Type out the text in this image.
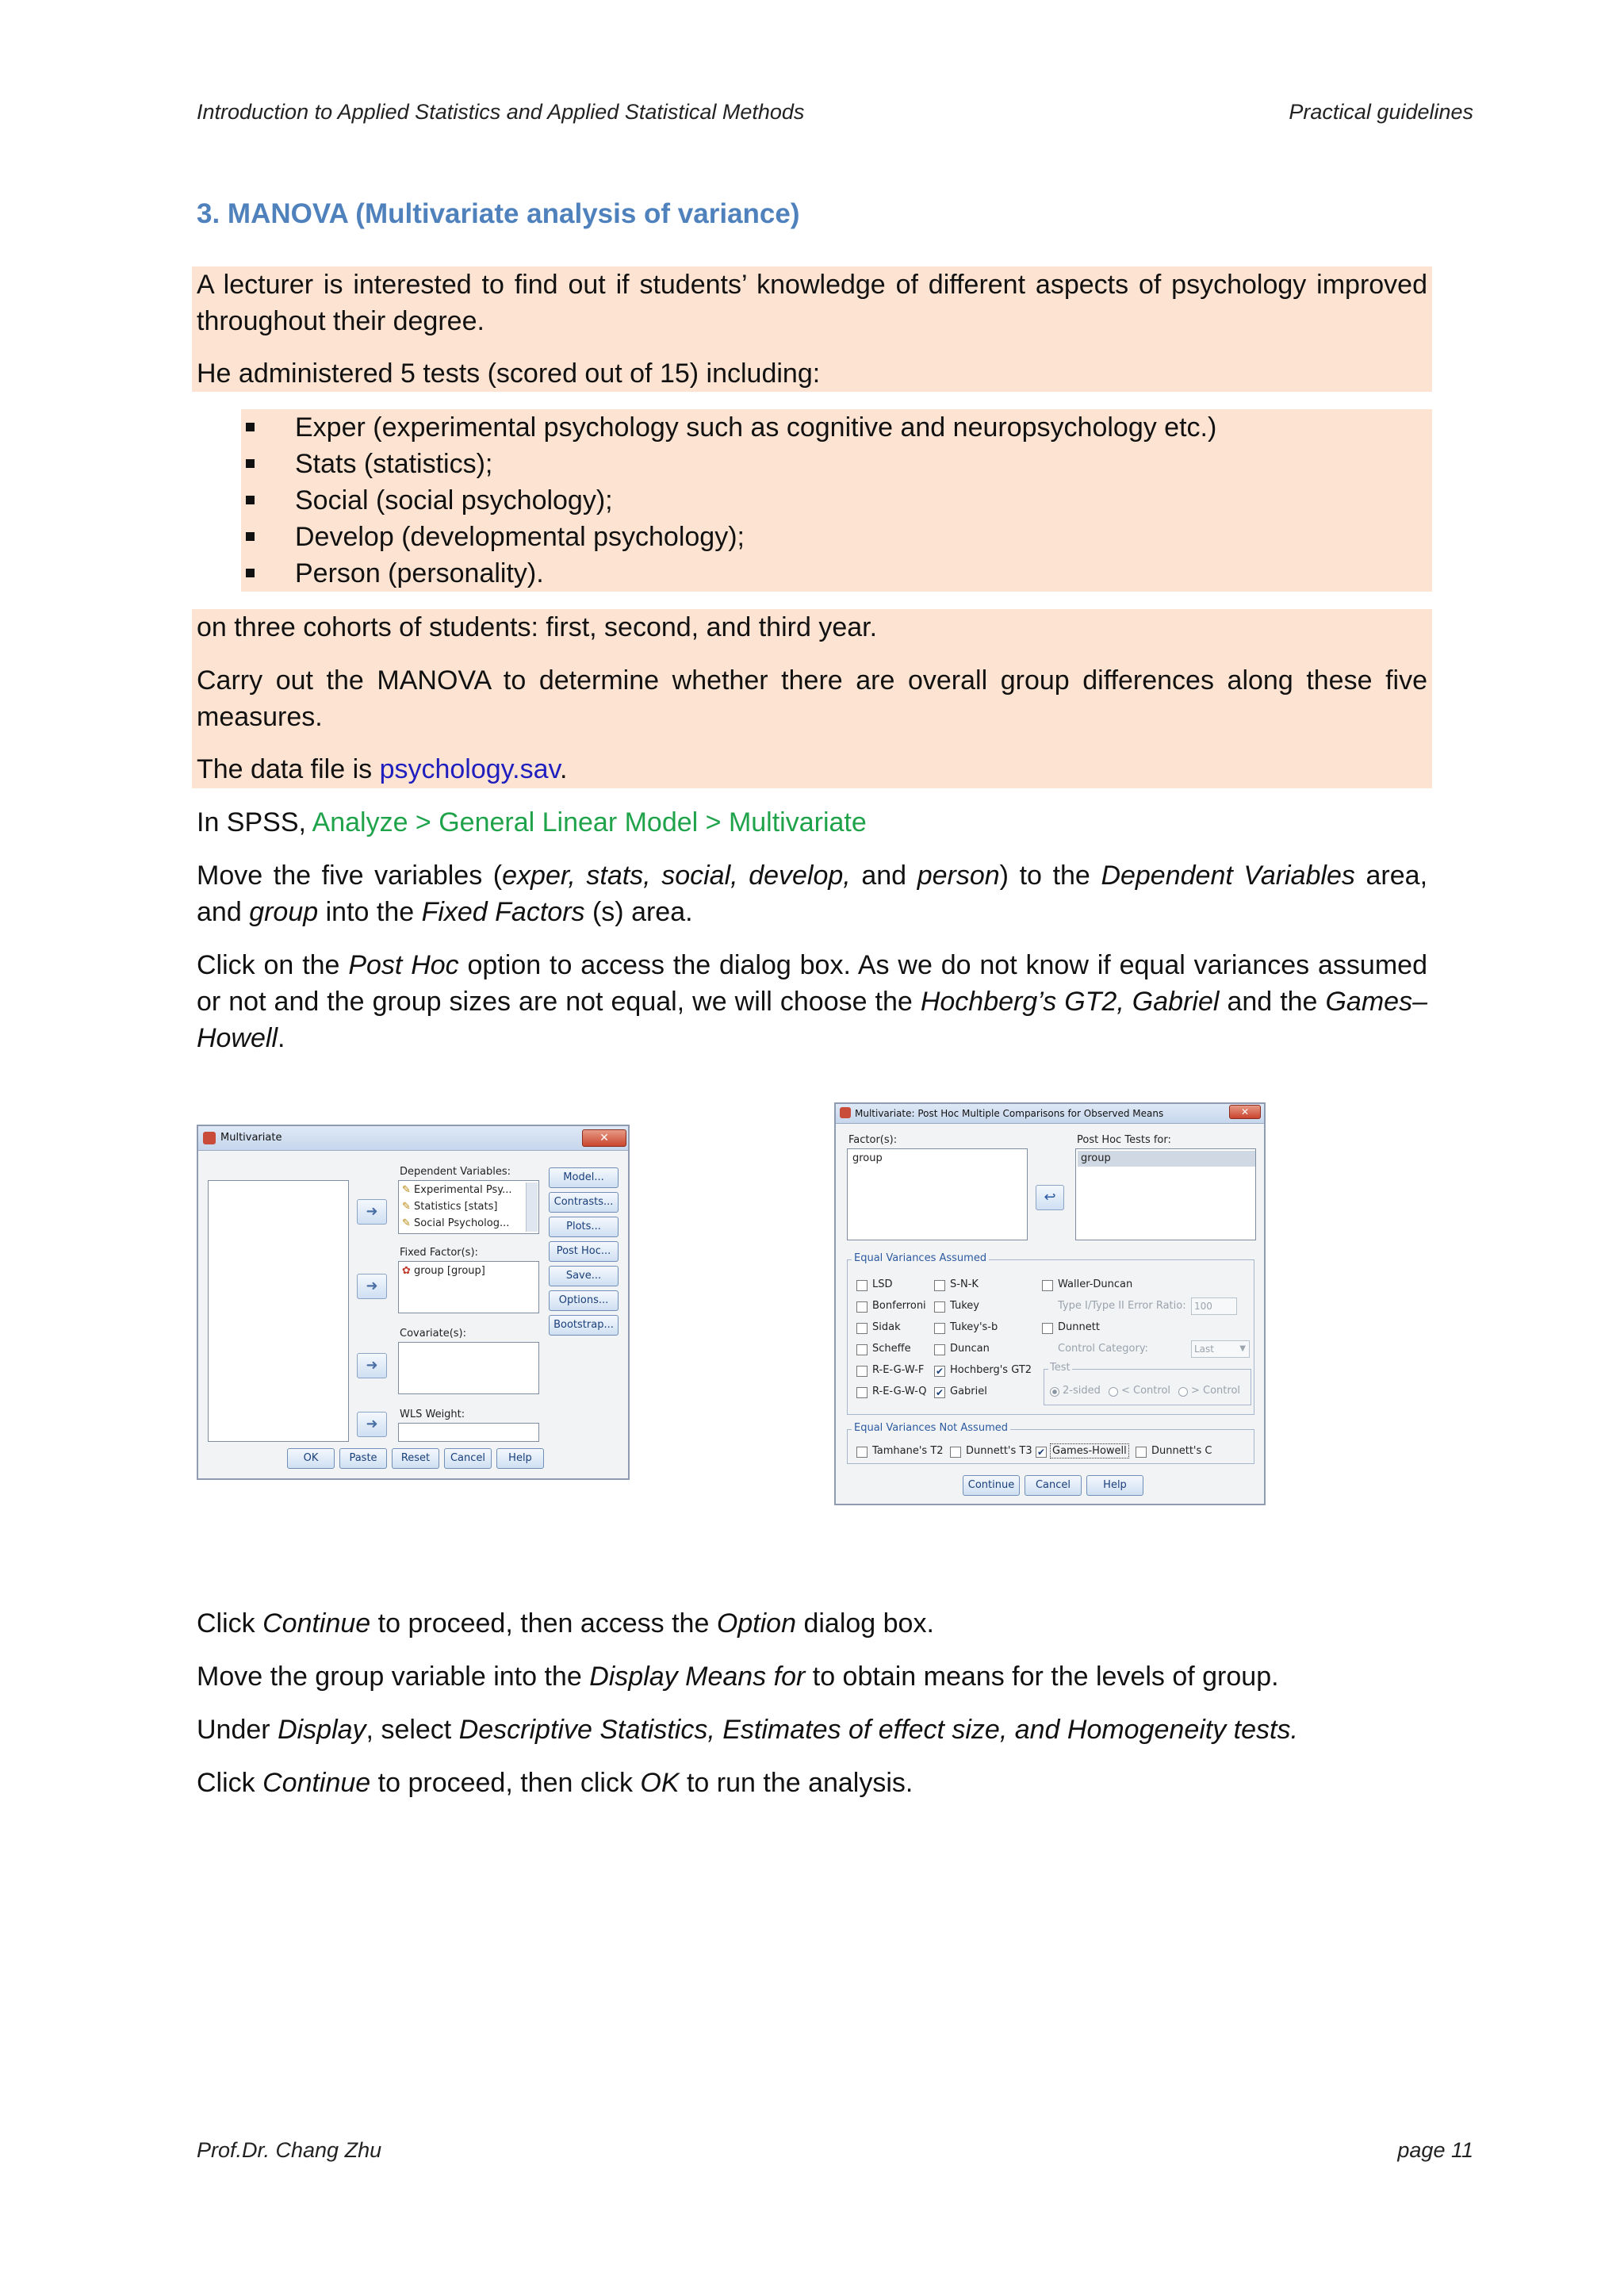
Introduction to Applied Statistics and Applied Statistical Methods	Practical guidelines
3. MANOVA (Multivariate analysis of variance)
A lecturer is interested to find out if students’ knowledge of different aspects of psychology improved throughout their degree.
He administered 5 tests (scored out of 15) including:
Exper (experimental psychology such as cognitive and neuropsychology etc.)
Stats (statistics);
Social (social psychology);
Develop (developmental psychology);
Person (personality).
on three cohorts of students: first, second, and third year.
Carry out the MANOVA to determine whether there are overall group differences along these five measures.
The data file is psychology.sav.
In SPSS, Analyze > General Linear Model > Multivariate
Move the five variables (exper, stats, social, develop, and person) to the Dependent Variables area, and group into the Fixed Factors (s) area.
Click on the Post Hoc option to access the dialog box. As we do not know if equal variances assumed or not and the group sizes are not equal, we will choose the Hochberg’s GT2, Gabriel and the Games–Howell.
Multivariate	✕
➜
➜
➜
➜
Dependent Variables:
✎ Experimental Psy...
✎ Statistics [stats]
✎ Social Psycholog...
Fixed Factor(s):
✿ group [group]
Covariate(s):
WLS Weight:
Model...
Contrasts...
Plots...
Post Hoc...
Save...
Options...
Bootstrap...
OK	Paste	Reset	Cancel	Help
Multivariate: Post Hoc Multiple Comparisons for Observed Means	✕
Factor(s):
group
↩
Post Hoc Tests for:
group
Equal Variances Assumed
LSD
Bonferroni
Sidak
Scheffe
R-E-G-W-F
R-E-G-W-Q
S-N-K
Tukey
Tukey's-b
Duncan
✔ Hochberg's GT2
✔ Gabriel
Waller-Duncan
Type I/Type II Error Ratio: 100
Dunnett
Control Category:	Last	▼
Test
2-sided < Control > Control
Equal Variances Not Assumed
Tamhane's T2 Dunnett's T3 ✔ Games-Howell Dunnett's C
Continue	Cancel	Help
Click Continue to proceed, then access the Option dialog box.
Move the group variable into the Display Means for to obtain means for the levels of group.
Under Display, select Descriptive Statistics, Estimates of effect size, and Homogeneity tests.
Click Continue to proceed, then click OK to run the analysis.
Prof.Dr. Chang Zhu	page 11
